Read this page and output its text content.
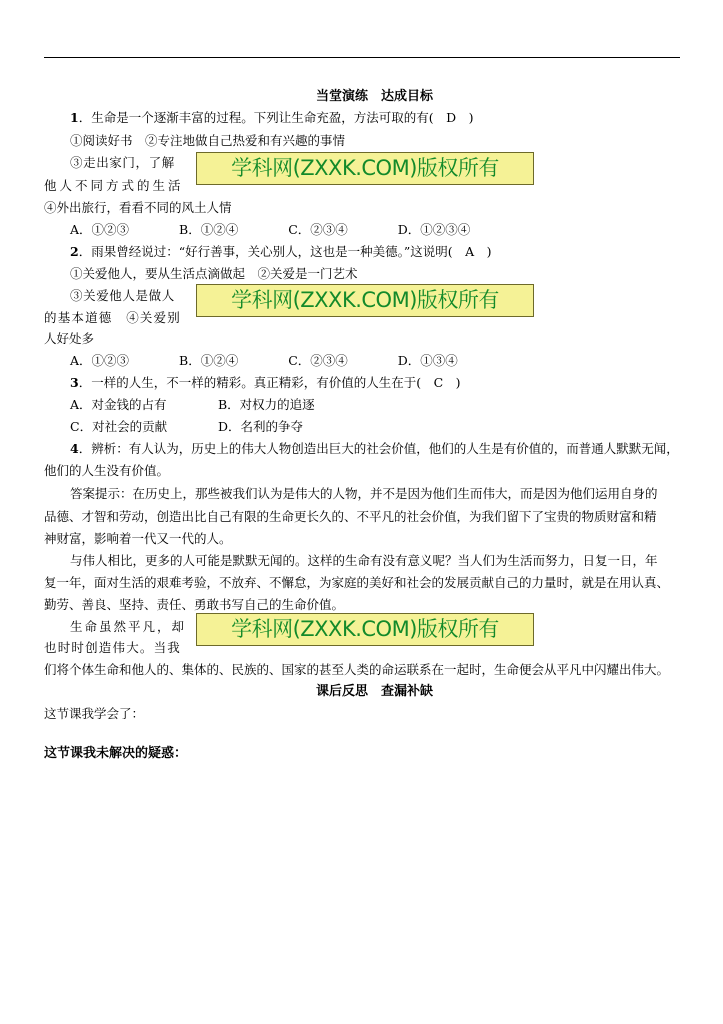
当堂演练　达成目标
1．生命是一个逐渐丰富的过程。下列让生命充盈，方法可取的有(　D　)
①阅读好书　②专注地做自己热爱和有兴趣的事情
③走出家门，了解
他人不同方式的生活
④外出旅行，看看不同的风土人情
A．①②③　　　　B．①②④　　　　C．②③④　　　　D．①②③④
2．雨果曾经说过：“好行善事，关心别人，这也是一种美德。”这说明(　A　)
①关爱他人，要从生活点滴做起　②关爱是一门艺术
③关爱他人是做人
的基本道德　④关爱别
人好处多
A．①②③　　　　B．①②④　　　　C．②③④　　　　D．①③④
3．一样的人生，不一样的精彩。真正精彩，有价值的人生在于(　C　)
A．对金钱的占有	B．对权力的追逐
C．对社会的贡献	D．名利的争夺
4．辨析：有人认为，历史上的伟大人物创造出巨大的社会价值，他们的人生是有价值的，而普通人默默无闻，
他们的人生没有价值。
答案提示：在历史上，那些被我们认为是伟大的人物，并不是因为他们生而伟大，而是因为他们运用自身的
品德、才智和劳动，创造出比自己有限的生命更长久的、不平凡的社会价值，为我们留下了宝贵的物质财富和精
神财富，影响着一代又一代的人。
与伟人相比，更多的人可能是默默无闻的。这样的生命有没有意义呢？当人们为生活而努力，日复一日，年
复一年，面对生活的艰难考验，不放弃、不懈怠，为家庭的美好和社会的发展贡献自己的力量时，就是在用认真、
勤劳、善良、坚持、责任、勇敢书写自己的生命价值。
生命虽然平凡，却
也时时创造伟大。当我
们将个体生命和他人的、集体的、民族的、国家的甚至人类的命运联系在一起时，生命便会从平凡中闪耀出伟大。
课后反思　查漏补缺
这节课我学会了：
这节课我未解决的疑惑：
学科网(ZXXK.COM)版权所有
学科网(ZXXK.COM)版权所有
学科网(ZXXK.COM)版权所有
